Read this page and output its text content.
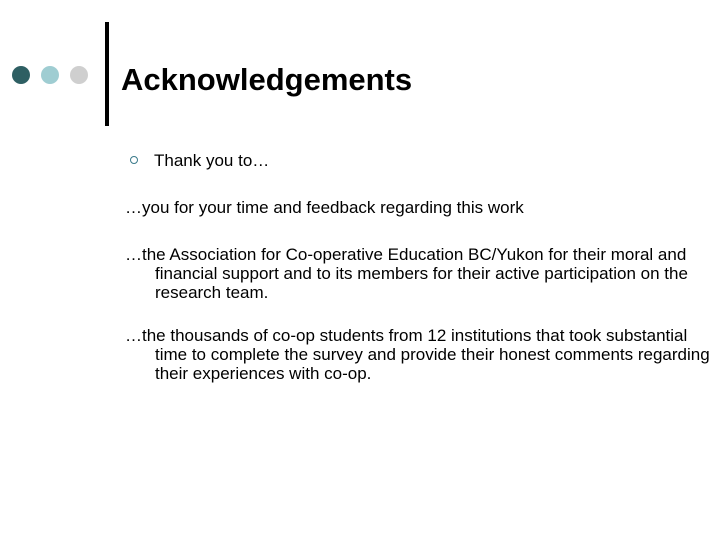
Acknowledgements
Thank you to…
…you for your time and feedback regarding this work
…the Association for Co-operative Education BC/Yukon for their moral and financial support and to its members for their active participation on the research team.
…the thousands of co-op students from 12 institutions that took substantial time to complete the survey and provide their honest comments regarding their experiences with co-op.
